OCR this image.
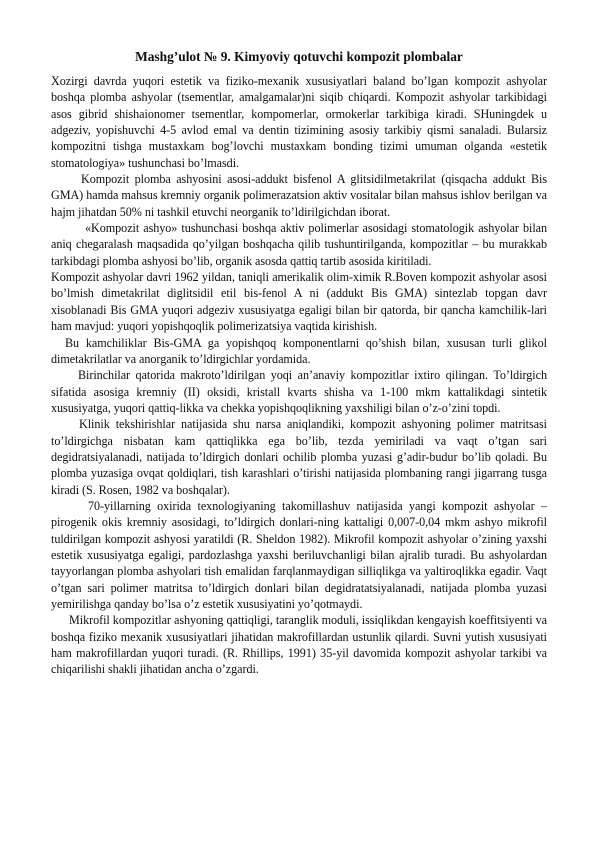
Mashg’ulot № 9. Kimyoviy qotuvchi kompozit plombalar

Xozirgi davrda yuqori estetik va fiziko-mexanik xususiyatlari baland bo’lgan kompozit ashyolar boshqa plomba ashyolar (tsementlar, amalgamalar)ni siqib chiqardi. Kompozit ashyolar tarkibidagi asos gibrid shishaionomer tsementlar, kompomerlar, ormokerlar tarkibiga kiradi. SHuningdek u adgeziv, yopishuvchi 4-5 avlod emal va dentin tizimining asosiy tarkibiy qismi sanaladi. Bularsiz kompozitni tishga mustaxkam bog’lovchi mustaxkam bonding tizimi umuman olganda «estetik stomatologiya» tushunchasi bo’lmasdi.

Kompozit plomba ashyosini asosi-addukt bisfenol A glitsidilmetakrilat (qisqacha addukt Bis GMA) hamda mahsus kremniy organik polimerazatsion aktiv vositalar bilan mahsus ishlov berilgan va hajm jihatdan 50% ni tashkil etuvchi neorganik to’ldirilgichdan iborat.

«Kompozit ashyo» tushunchasi boshqa aktiv polimerlar asosidagi stomatologik ashyolar bilan aniq chegaralash maqsadida qo’yilgan boshqacha qilib tushuntirilganda, kompozitlar – bu murakkab tarkibdagi plomba ashyosi bo’lib, organik asosda qattiq tartib asosida kiritiladi.

Kompozit ashyolar davri 1962 yildan, taniqli amerikalik olim-ximik R.Boven kompozit ashyolar asosi bo’lmish dimetakrilat diglitsidil etil bis-fenol A ni (addukt Bis GMA) sintezlab topgan davr xisoblanadi Bis GMA yuqori adgeziv xususiyatga egaligi bilan bir qatorda, bir qancha kamchilik-lari ham mavjud: yuqori yopishqoqlik polimerizatsiya vaqtida kirishish.

Bu kamchiliklar Bis-GMA ga yopishqoq komponentlarni qo’shish bilan, xususan turli glikol dimetakrilatlar va anorganik to’ldirgichlar yordamida.

Birinchilar qatorida makroto’ldirilgan yoqi an’anaviy kompozitlar ixtiro qilingan. To’ldirgich sifatida asosiga kremniy (II) oksidi, kristall kvarts shisha va 1-100 mkm kattalikdagi sintetik xususiyatga, yuqori qattiq-likka va chekka yopishqoqlikning yaxshiligi bilan o’z-o’zini topdi.

Klinik tekshirishlar natijasida shu narsa aniqlandiki, kompozit ashyoning polimer matritsasi to’ldirgichga nisbatan kam qattiqlikka ega bo’lib, tezda yemiriladi va vaqt o’tgan sari degidratsiyalanadi, natijada to’ldirgich donlari ochilib plomba yuzasi g’adir-budur bo’lib qoladi. Bu plomba yuzasiga ovqat qoldiqlari, tish karashlari o’tirishi natijasida plombaning rangi jigarrang tusga kiradi (S. Rosen, 1982 va boshqalar).

70-yillarning oxirida texnologiyaning takomillashuv natijasida yangi kompozit ashyolar – pirogenik okis kremniy asosidagi, to’ldirgich donlari-ning kattaligi 0,007-0,04 mkm ashyo mikrofil tuldirilgan kompozit ashyosi yaratildi (R. Sheldon 1982). Mikrofil kompozit ashyolar o’zining yaxshi estetik xususiyatga egaligi, pardozlashga yaxshi beriluvchanligi bilan ajralib turadi. Bu ashyolardan tayyorlangan plomba ashyolari tish emalidan farqlanmaydigan silliqlikga va yaltiroqlikka egadir. Vaqt o’tgan sari polimer matritsa to’ldirgich donlari bilan degidratatsiyalanadi, natijada plomba yuzasi yemirilishga qanday bo’lsa o’z estetik xususiyatini yo’qotmaydi.

Mikrofil kompozitlar ashyoning qattiqligi, taranglik moduli, issiqlikdan kengayish koeffitsiyenti va boshqa fiziko mexanik xususiyatlari jihatidan makrofillardan ustunlik qilardi. Suvni yutish xususiyati ham makrofillardan yuqori turadi. (R. Rhillips, 1991) 35-yil davomida kompozit ashyolar tarkibi va chiqarilishi shakli jihatidan ancha o’zgardi.
